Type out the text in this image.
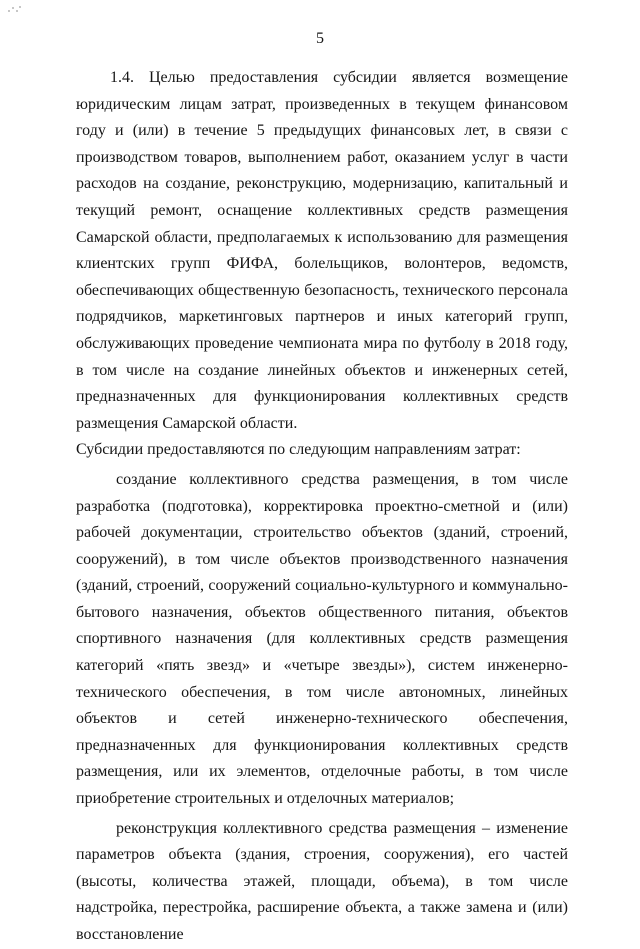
5

1.4. Целью предоставления субсидии является возмещение юридическим лицам затрат, произведенных в текущем финансовом году и (или) в течение 5 предыдущих финансовых лет, в связи с производством товаров, выполнением работ, оказанием услуг в части расходов на создание, реконструкцию, модернизацию, капитальный и текущий ремонт, оснащение коллективных средств размещения Самарской области, предполагаемых к использованию для размещения клиентских групп ФИФА, болельщиков, волонтеров, ведомств, обеспечивающих общественную безопасность, технического персонала подрядчиков, маркетинговых партнеров и иных категорий групп, обслуживающих проведение чемпионата мира по футболу в 2018 году, в том числе на создание линейных объектов и инженерных сетей, предназначенных для функционирования коллективных средств размещения Самарской области.

Субсидии предоставляются по следующим направлениям затрат:

создание коллективного средства размещения, в том числе разработка (подготовка), корректировка проектно-сметной и (или) рабочей документации, строительство объектов (зданий, строений, сооружений), в том числе объектов производственного назначения (зданий, строений, сооружений социально-культурного и коммунально-бытового назначения, объектов общественного питания, объектов спортивного назначения (для коллективных средств размещения категорий «пять звезд» и «четыре звезды»), систем инженерно-технического обеспечения, в том числе автономных, линейных объектов и сетей инженерно-технического обеспечения, предназначенных для функционирования коллективных средств размещения, или их элементов, отделочные работы, в том числе приобретение строительных и отделочных материалов;

реконструкция коллективного средства размещения – изменение параметров объекта (здания, строения, сооружения), его частей (высоты, количества этажей, площади, объема), в том числе надстройка, перестройка, расширение объекта, а также замена и (или) восстановление
